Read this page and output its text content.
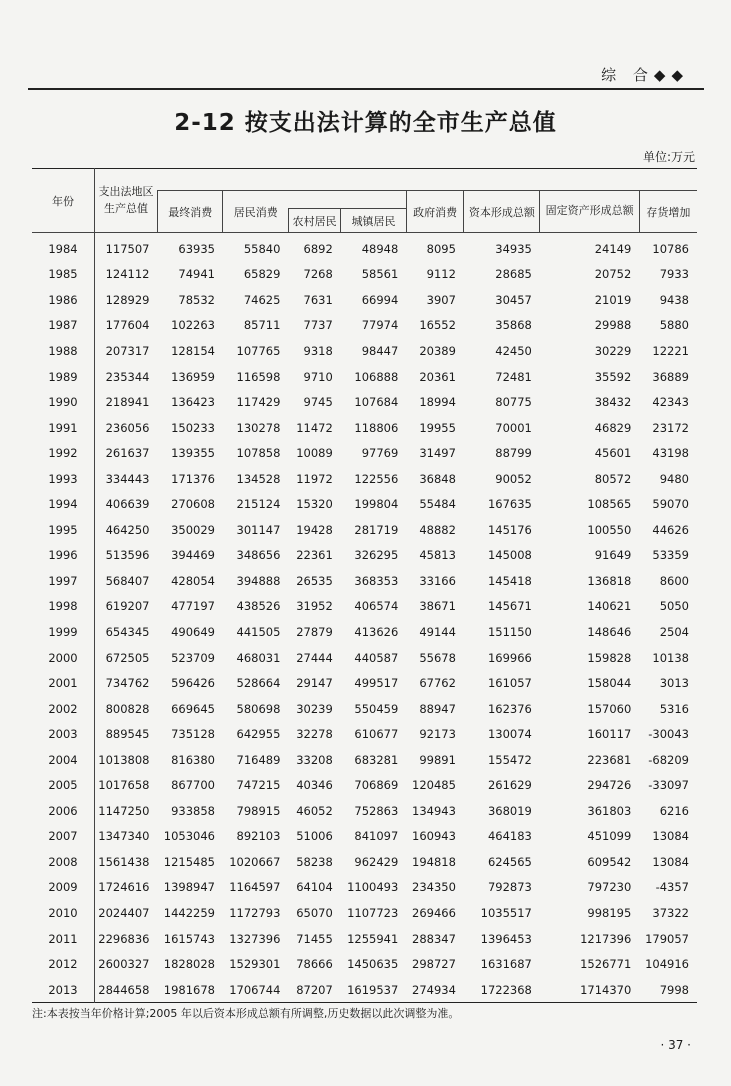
综 合◆◆
2-12 按支出法计算的全市生产总值
单位:万元
年份	支出法地区生产总值								
		最终消费	居民消费			政府消费	资本形成总额	固定资产形成总额	存货增加
				农村居民	城镇居民			
1984	117507	63935	55840	6892	48948	8095	34935	24149	10786
1985	124112	74941	65829	7268	58561	9112	28685	20752	7933
1986	128929	78532	74625	7631	66994	3907	30457	21019	9438
1987	177604	102263	85711	7737	77974	16552	35868	29988	5880
1988	207317	128154	107765	9318	98447	20389	42450	30229	12221
1989	235344	136959	116598	9710	106888	20361	72481	35592	36889
1990	218941	136423	117429	9745	107684	18994	80775	38432	42343
1991	236056	150233	130278	11472	118806	19955	70001	46829	23172
1992	261637	139355	107858	10089	97769	31497	88799	45601	43198
1993	334443	171376	134528	11972	122556	36848	90052	80572	9480
1994	406639	270608	215124	15320	199804	55484	167635	108565	59070
1995	464250	350029	301147	19428	281719	48882	145176	100550	44626
1996	513596	394469	348656	22361	326295	45813	145008	91649	53359
1997	568407	428054	394888	26535	368353	33166	145418	136818	8600
1998	619207	477197	438526	31952	406574	38671	145671	140621	5050
1999	654345	490649	441505	27879	413626	49144	151150	148646	2504
2000	672505	523709	468031	27444	440587	55678	169966	159828	10138
2001	734762	596426	528664	29147	499517	67762	161057	158044	3013
2002	800828	669645	580698	30239	550459	88947	162376	157060	5316
2003	889545	735128	642955	32278	610677	92173	130074	160117	-30043
2004	1013808	816380	716489	33208	683281	99891	155472	223681	-68209
2005	1017658	867700	747215	40346	706869	120485	261629	294726	-33097
2006	1147250	933858	798915	46052	752863	134943	368019	361803	6216
2007	1347340	1053046	892103	51006	841097	160943	464183	451099	13084
2008	1561438	1215485	1020667	58238	962429	194818	624565	609542	13084
2009	1724616	1398947	1164597	64104	1100493	234350	792873	797230	-4357
2010	2024407	1442259	1172793	65070	1107723	269466	1035517	998195	37322
2011	2296836	1615743	1327396	71455	1255941	288347	1396453	1217396	179057
2012	2600327	1828028	1529301	78666	1450635	298727	1631687	1526771	104916
2013	2844658	1981678	1706744	87207	1619537	274934	1722368	1714370	7998
注:本表按当年价格计算;2005 年以后资本形成总额有所调整,历史数据以此次调整为准。
· 37 ·
